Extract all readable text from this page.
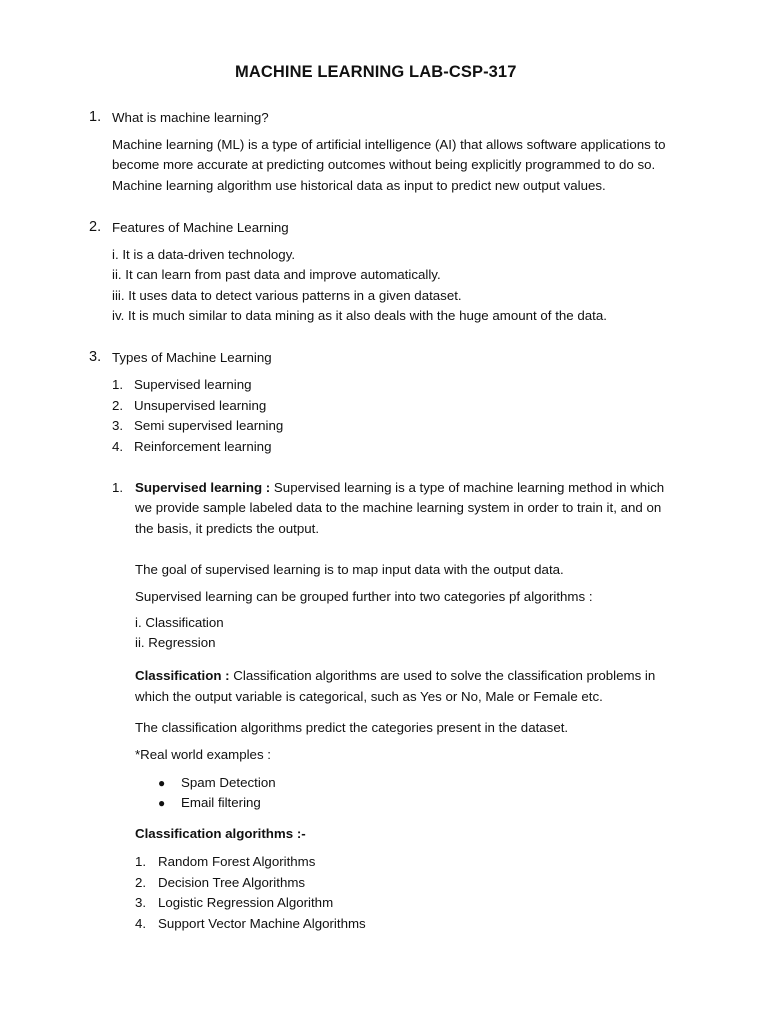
MACHINE LEARNING LAB-CSP-317
1. What is machine learning?
Machine learning (ML) is a type of artificial intelligence (AI) that allows software applications to
become more accurate at predicting outcomes without being explicitly programmed to do so.
Machine learning algorithm use historical data as input to predict new output values.
2. Features of Machine Learning
i. It is a data-driven technology.
ii. It can learn from past data and improve automatically.
iii. It uses data to detect various patterns in a given dataset.
iv. It is much similar to data mining as it also deals with the huge amount of the data.
3. Types of Machine Learning
1. Supervised learning
2. Unsupervised learning
3. Semi supervised learning
4. Reinforcement learning
1. Supervised learning : Supervised learning is a type of machine learning method in which
we provide sample labeled data to the machine learning system in order to train it, and on
the basis, it predicts the output.
The goal of supervised learning is to map input data with the output data.
Supervised learning can be grouped further into two categories pf algorithms :
i. Classification
ii. Regression
Classification : Classification algorithms are used to solve the classification problems in
which the output variable is categorical, such as Yes or No, Male or Female etc.
The classification algorithms predict the categories present in the dataset.
*Real world examples :
● Spam Detection
● Email filtering
Classification algorithms :-
1. Random Forest Algorithms
2. Decision Tree Algorithms
3. Logistic Regression Algorithm
4. Support Vector Machine Algorithms
